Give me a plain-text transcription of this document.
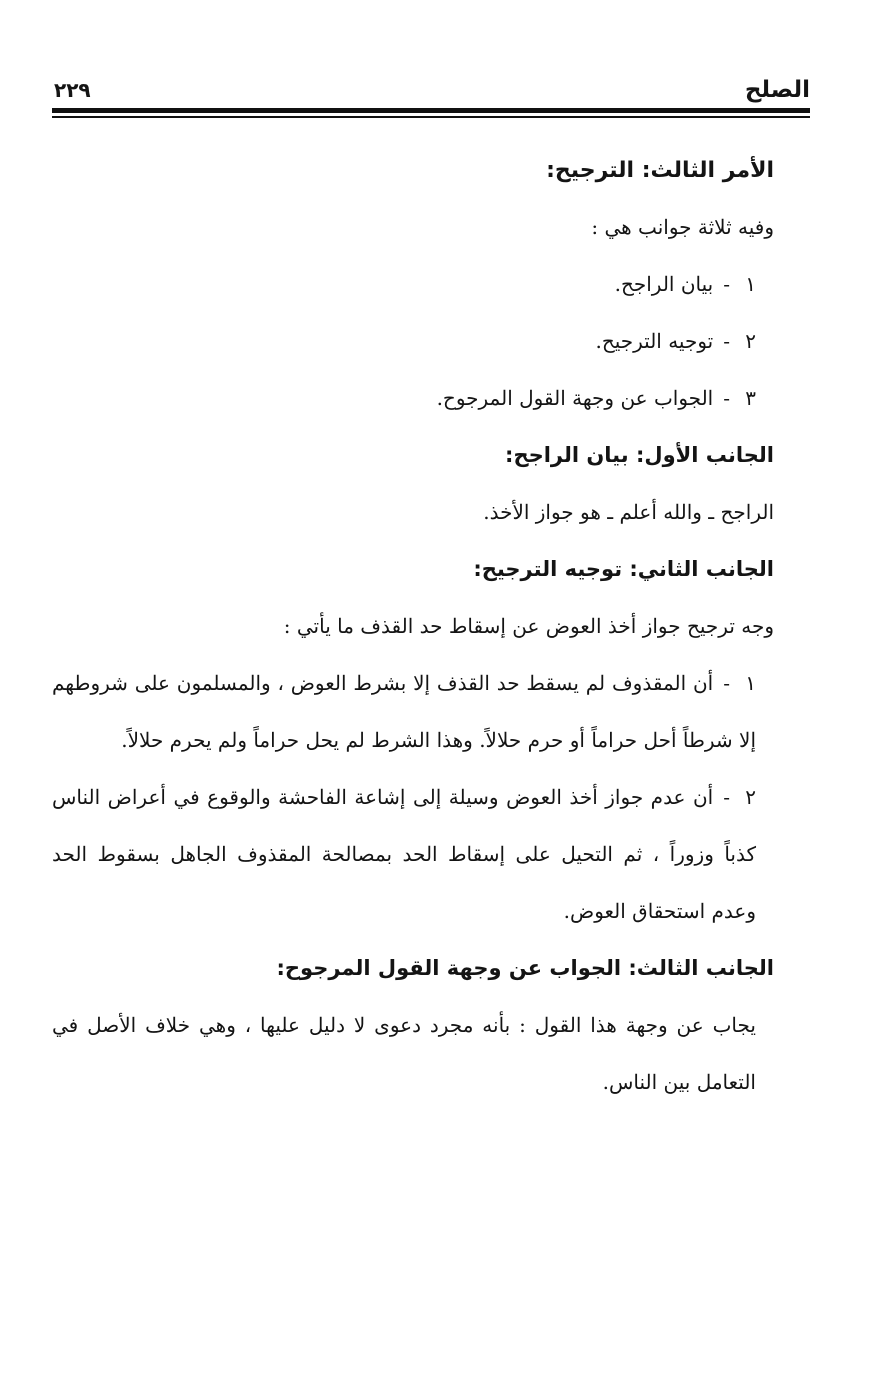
الصلح
٢٢٩
الأمر الثالث: الترجيح:
وفيه ثلاثة جوانب هي :
١-بيان الراجح.
٢-توجيه الترجيح.
٣-الجواب عن وجهة القول المرجوح.
الجانب الأول: بيان الراجح:
الراجح ـ والله أعلم ـ هو جواز الأخذ.
الجانب الثاني: توجيه الترجيح:
وجه ترجيح جواز أخذ العوض عن إسقاط حد القذف ما يأتي :
١-أن المقذوف لم يسقط حد القذف إلا بشرط العوض ، والمسلمون على شروطهم إلا شرطاً أحل حراماً أو حرم حلالاً. وهذا الشرط لم يحل حراماً ولم يحرم حلالاً.
٢-أن عدم جواز أخذ العوض وسيلة إلى إشاعة الفاحشة والوقوع في أعراض الناس كذباً وزوراً ، ثم التحيل على إسقاط الحد بمصالحة المقذوف الجاهل بسقوط الحد وعدم استحقاق العوض.
الجانب الثالث: الجواب عن وجهة القول المرجوح:
يجاب عن وجهة هذا القول : بأنه مجرد دعوى لا دليل عليها ، وهي خلاف الأصل في التعامل بين الناس.
